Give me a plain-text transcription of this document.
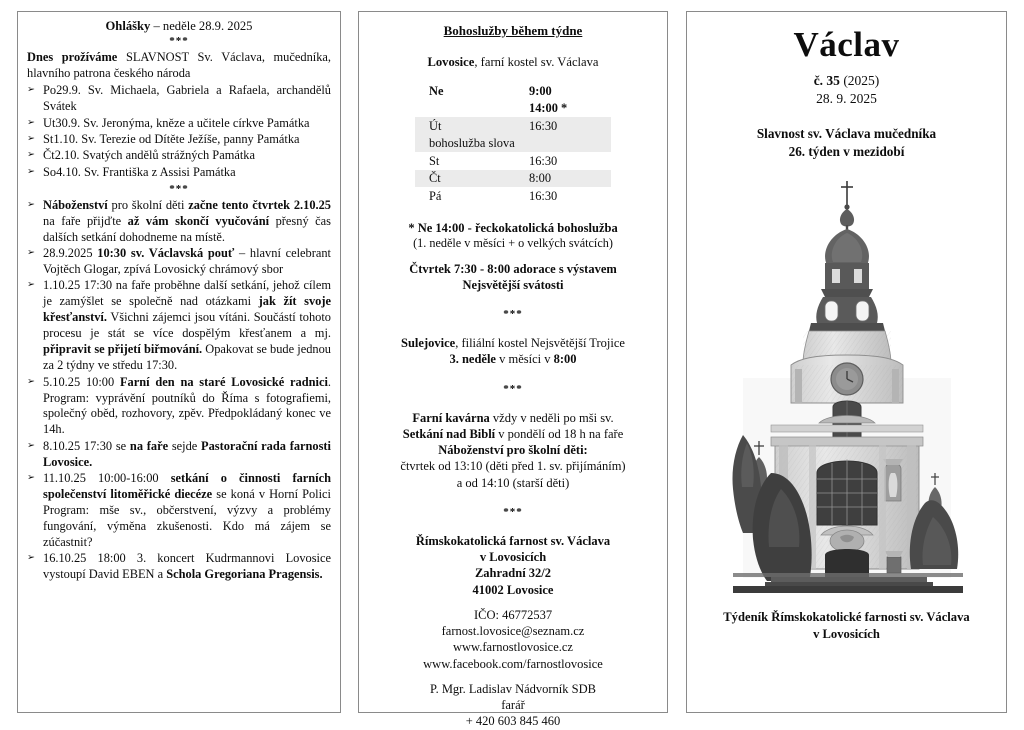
Ohlášky – neděle 28.9. 2025
***
Dnes prožíváme SLAVNOST Sv. Václava, mučedníka, hlavního patrona českého národa
➢ Po29.9. Sv. Michaela, Gabriela a Rafaela, archandělů Svátek
➢ Ut30.9. Sv. Jeronýma, kněze a učitele církve Památka
➢ St1.10. Sv. Terezie od Dítěte Ježíše, panny Památka
➢ Čt2.10. Svatých andělů strážných Památka
➢ So4.10. Sv. Františka z Assisi Památka
***
➢ Náboženství pro školní děti začne tento čtvrtek 2.10.25 na faře přijďte až vám skončí vyučování přesný čas dalších setkání dohodneme na místě.
➢ 28.9.2025 10:30 sv. Václavská pouť – hlavní celebrant Vojtěch Glogar, zpívá Lovosický chrámový sbor
➢ 1.10.25 17:30 na faře proběhne další setkání, jehož cílem je zamýšlet se společně nad otázkami jak žít svoje křesťanství. Všichni zájemci jsou vítáni. Součástí tohoto procesu je stát se více dospělým křesťanem a mj. připravit se přijetí biřmování. Opakovat se bude jednou za 2 týdny ve středu 17:30.
➢ 5.10.25 10:00 Farní den na staré Lovosické radnici. Program: vyprávění poutníků do Říma s fotografiemi, společný oběd, rozhovory, zpěv. Předpokládaný konec ve 14h.
➢ 8.10.25 17:30 se na faře sejde Pastorační rada farnosti Lovosice.
➢ 11.10.25 10:00-16:00 setkání o činnosti farních společenství litoměřické diecéze se koná v Horní Polici Program: mše sv., občerstvení, výzvy a problémy fungování, výměna zkušenosti. Kdo má zájem se zúčastnit?
➢ 16.10.25 18:00 3. koncert Kudrmannovi Lovosice vystoupí David EBEN a Schola Gregoriana Pragensis.
Bohoslužby během týdne
Lovosice, farní kostel sv. Václava
Ne	9:00
	14:00 *
Út	16:30
bohoslužba slova	
St	16:30
Čt	8:00
Pá	16:30
* Ne 14:00 - řeckokatolická bohoslužba
(1. neděle v měsíci + o velkých svátcích)
Čtvrtek 7:30 - 8:00 adorace s výstavem
Nejsvětější svátosti
***
Sulejovice, filiální kostel Nejsvětější Trojice
3. neděle v měsíci v 8:00
***
Farní kavárna vždy v neděli po mši sv.
Setkání nad Biblí v pondělí od 18 h na faře
Náboženství pro školní děti:
čtvrtek od 13:10 (děti před 1. sv. přijímáním)
a od 14:10 (starší děti)
***
Římskokatolická farnost sv. Václava
v Lovosicích
Zahradní 32/2
41002 Lovosice
IČO: 46772537
farnost.lovosice@seznam.cz
www.farnostlovosice.cz
www.facebook.com/farnostlovosice
P. Mgr. Ladislav Nádvorník SDB
farář
+ 420 603 845 460
Václav
č. 35 (2025)
28. 9. 2025
Slavnost sv. Václava mučedníka
26. týden v mezidobí
Týdeník Římskokatolické farnosti sv. Václava
v Lovosicích
